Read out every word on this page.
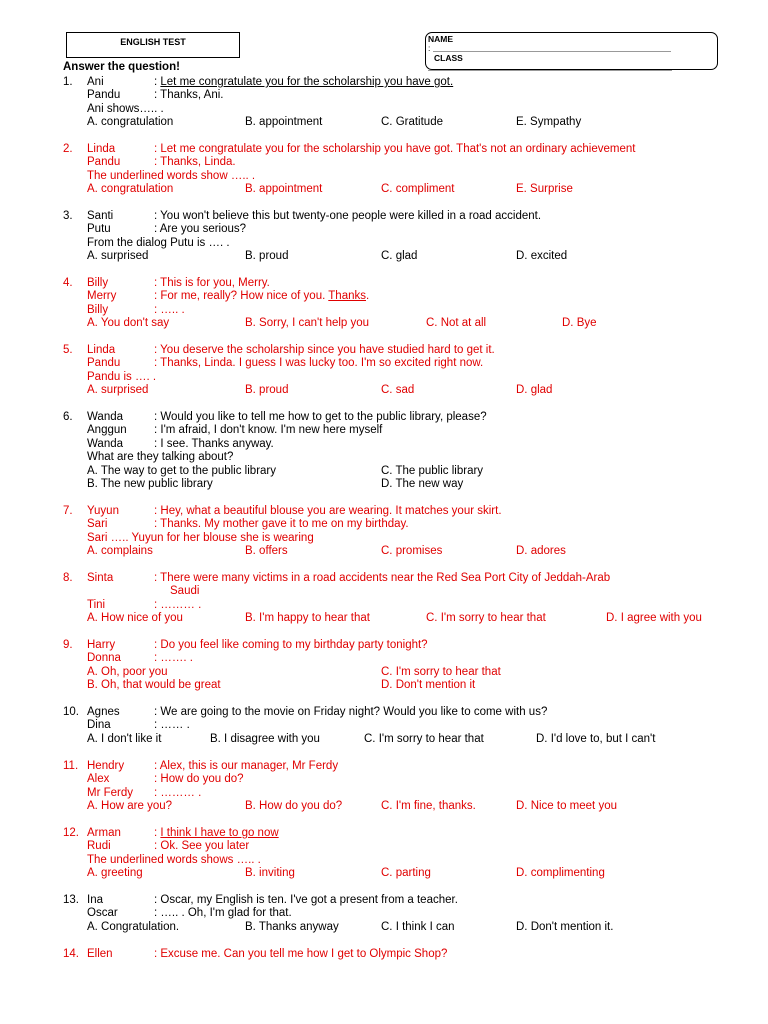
ENGLISH TEST	NAME
:
CLASS
Answer the question!
1. Ani	: Let me congratulate you for the scholarship you have got.
Pandu	: Thanks, Ani.
Ani shows….. .
A. congratulation	B. appointment	C. Gratitude	E. Sympathy
2. Linda	: Let me congratulate you for the scholarship you have got. That's not an ordinary achievement
Pandu	: Thanks, Linda.
The underlined words show ….. .
A. congratulation	B. appointment	C. compliment	E. Surprise
3. Santi	: You won't believe this but twenty-one people were killed in a road accident.
Putu	: Are you serious?
From the dialog Putu is …. .
A. surprised	B. proud	C. glad	D. excited
4. Billy	: This is for you, Merry.
Merry	: For me, really? How nice of you. Thanks.
Billy	: ….. .
A. You don't say	B. Sorry, I can't help you	C. Not at all	D. Bye
5. Linda	: You deserve the scholarship since you have studied hard to get it.
Pandu	: Thanks, Linda. I guess I was lucky too. I'm so excited right now.
Pandu is …. .
A. surprised	B. proud	C. sad	D. glad
6. Wanda	: Would you like to tell me how to get to the public library, please?
Anggun : I'm afraid, I don't know. I'm new here myself
Wanda	: I see. Thanks anyway.
What are they talking about?
A. The way to get to the public library	C. The public library
B. The new public library	D. The new way
7. Yuyun	: Hey, what a beautiful blouse you are wearing. It matches your skirt.
Sari	: Thanks. My mother gave it to me on my birthday.
Sari ….. Yuyun for her blouse she is wearing
A. complains	B. offers	C. promises	D. adores
8. Sinta	: There were many victims in a road accidents near the Red Sea Port City of Jeddah-Arab
Saudi
Tini	: ……… .
A. How nice of you	B. I'm happy to hear that	C. I'm sorry to hear that	D. I agree with you
9. Harry	: Do you feel like coming to my birthday party tonight?
Donna	: ……. .
A. Oh, poor you	C. I'm sorry to hear that
B. Oh, that would be great	D. Don't mention it
10. Agnes	: We are going to the movie on Friday night? Would you like to come with us?
Dina	: …… .
A. I don't like it	B. I disagree with you	C. I'm sorry to hear that	D. I'd love to, but I can't
11. Hendry	: Alex, this is our manager, Mr Ferdy
Alex	: How do you do?
Mr Ferdy : ……… .
A. How are you?	B. How do you do?	C. I'm fine, thanks.	D. Nice to meet you
12. Arman	: I think I have to go now
Rudi	: Ok. See you later
The underlined words shows ….. .
A. greeting	B. inviting	C. parting	D. complimenting
13. Ina	: Oscar, my English is ten. I've got a present from a teacher.
Oscar	: ….. . Oh, I'm glad for that.
A. Congratulation.	B. Thanks anyway	C. I think I can	D. Don't mention it.
14. Ellen	: Excuse me. Can you tell me how I get to Olympic Shop?
